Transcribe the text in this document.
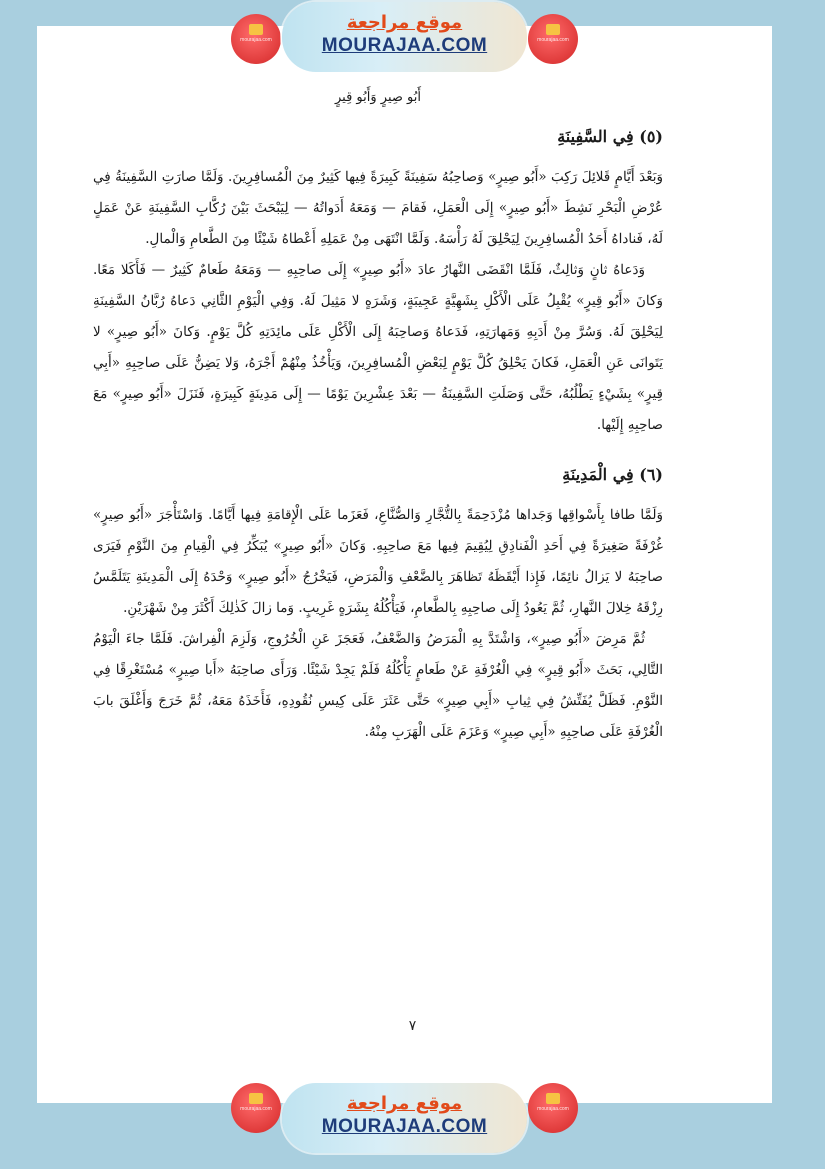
mourajaa.com
موقع مراجعة
MOURAJAA.COM	mourajaa.com
أَبُو صِيرٍ وَأَبُو قِيرٍ
(٥) فِي السَّفِينَةِ

وَبَعْدَ أَيَّامٍ قَلائِلَ رَكِبَ «أَبُو صِيرٍ» وَصاحِبُهُ سَفِينَةً كَبِيرَةً فِيها كَثِيرٌ مِنَ الْمُسافِرِينَ. وَلَمَّا صارَتِ السَّفِينَةُ فِي عُرْضِ الْبَحْرِ نَشِطَ «أَبُو صِيرٍ» إِلَى الْعَمَلِ، فَقامَ — وَمَعَهُ أَدَواتُهُ — لِيَبْحَثَ بَيْنَ رُكَّابِ السَّفِينَةِ عَنْ عَمَلٍ لَهُ، فَناداهُ أَحَدُ الْمُسافِرِينَ لِيَحْلِقَ لَهُ رَأْسَهُ. وَلَمَّا انْتَهَى مِنْ عَمَلِهِ أَعْطاهُ شَيْئًا مِنَ الطَّعامِ وَالْمالِ.

وَدَعاهُ ثانٍ وَثالِثٌ، فَلَمَّا انْقَضَى النَّهارُ عادَ «أَبُو صِيرٍ» إِلَى صاحِبِهِ — وَمَعَهُ طَعامٌ كَثِيرٌ — فَأَكَلا مَعًا. وَكانَ «أَبُو قِيرٍ» يُقْبِلُ عَلَى الْأَكْلِ بِشَهِيَّةٍ عَجِيبَةٍ، وَشَرَهٍ لا مَثِيلَ لَهُ. وَفِي الْيَوْمِ الثَّانِي دَعاهُ رُبَّانُ السَّفِينَةِ لِيَحْلِقَ لَهُ. وَسُرَّ مِنْ أَدَبِهِ وَمَهارَتِهِ، فَدَعاهُ وَصاحِبَهُ إِلَى الْأَكْلِ عَلَى مائِدَتِهِ كُلَّ يَوْمٍ. وَكانَ «أَبُو صِيرٍ» لا يَتَوانَى عَنِ الْعَمَلِ، فَكانَ يَحْلِقُ كُلَّ يَوْمٍ لِبَعْضِ الْمُسافِرِينَ، وَيَأْخُذُ مِنْهُمْ أَجْرَهُ، وَلا يَضِنُّ عَلَى صاحِبِهِ «أَبِي قِيرٍ» بِشَيْءٍ يَطْلُبُهُ، حَتَّى وَصَلَتِ السَّفِينَةُ — بَعْدَ عِشْرِينَ يَوْمًا — إِلَى مَدِينَةٍ كَبِيرَةٍ، فَنَزَلَ «أَبُو صِيرٍ» مَعَ صاحِبِهِ إِلَيْها.

(٦) فِي الْمَدِينَةِ

وَلَمَّا طافا بِأَسْواقِها وَجَداها مُزْدَحِمَةً بِالتُّجَّارِ وَالصُّنَّاعِ، فَعَزَما عَلَى الْإِقامَةِ فِيها أَيَّامًا. وَاسْتَأْجَرَ «أَبُو صِيرٍ» غُرْفَةً صَغِيرَةً فِي أَحَدِ الْفَنادِقِ لِيُقِيمَ فِيها مَعَ صاحِبِهِ. وَكانَ «أَبُو صِيرٍ» يُبَكِّرُ فِي الْقِيامِ مِنَ النَّوْمِ فَيَرَى صاحِبَهُ لا يَزالُ نائِمًا، فَإِذا أَيْقَظَهُ تَظاهَرَ بِالضَّعْفِ وَالْمَرَضِ، فَيَخْرُجُ «أَبُو صِيرٍ» وَحْدَهُ إِلَى الْمَدِينَةِ يَتَلَمَّسُ رِزْقَهُ خِلالَ النَّهارِ، ثُمَّ يَعُودُ إِلَى صاحِبِهِ بِالطَّعامِ، فَيَأْكُلُهُ بِشَرَهٍ غَرِيبٍ. وَما زالَ كَذٰلِكَ أَكْثَرَ مِنْ شَهْرَيْنِ.

ثُمَّ مَرِضَ «أَبُو صِيرٍ»، وَاشْتَدَّ بِهِ الْمَرَضُ وَالضَّعْفُ، فَعَجَزَ عَنِ الْخُرُوجِ، وَلَزِمَ الْفِراشَ. فَلَمَّا جاءَ الْيَوْمُ التَّالِي، بَحَثَ «أَبُو قِيرٍ» فِي الْغُرْفَةِ عَنْ طَعامٍ يَأْكُلُهُ فَلَمْ يَجِدْ شَيْئًا. وَرَأَى صاحِبَهُ «أَبا صِيرٍ» مُسْتَغْرِقًا فِي النَّوْمِ. فَظَلَّ يُفَتِّشُ فِي ثِيابِ «أَبِي صِيرٍ» حَتَّى عَثَرَ عَلَى كِيسِ نُقُودِهِ، فَأَخَذَهُ مَعَهُ، ثُمَّ خَرَجَ وَأَغْلَقَ بابَ الْغُرْفَةِ عَلَى صاحِبِهِ «أَبِي صِيرٍ» وَعَزَمَ عَلَى الْهَرَبِ مِنْهُ.

٧
mourajaa.com	موقع مراجعة
MOURAJAA.COM
mourajaa.com
